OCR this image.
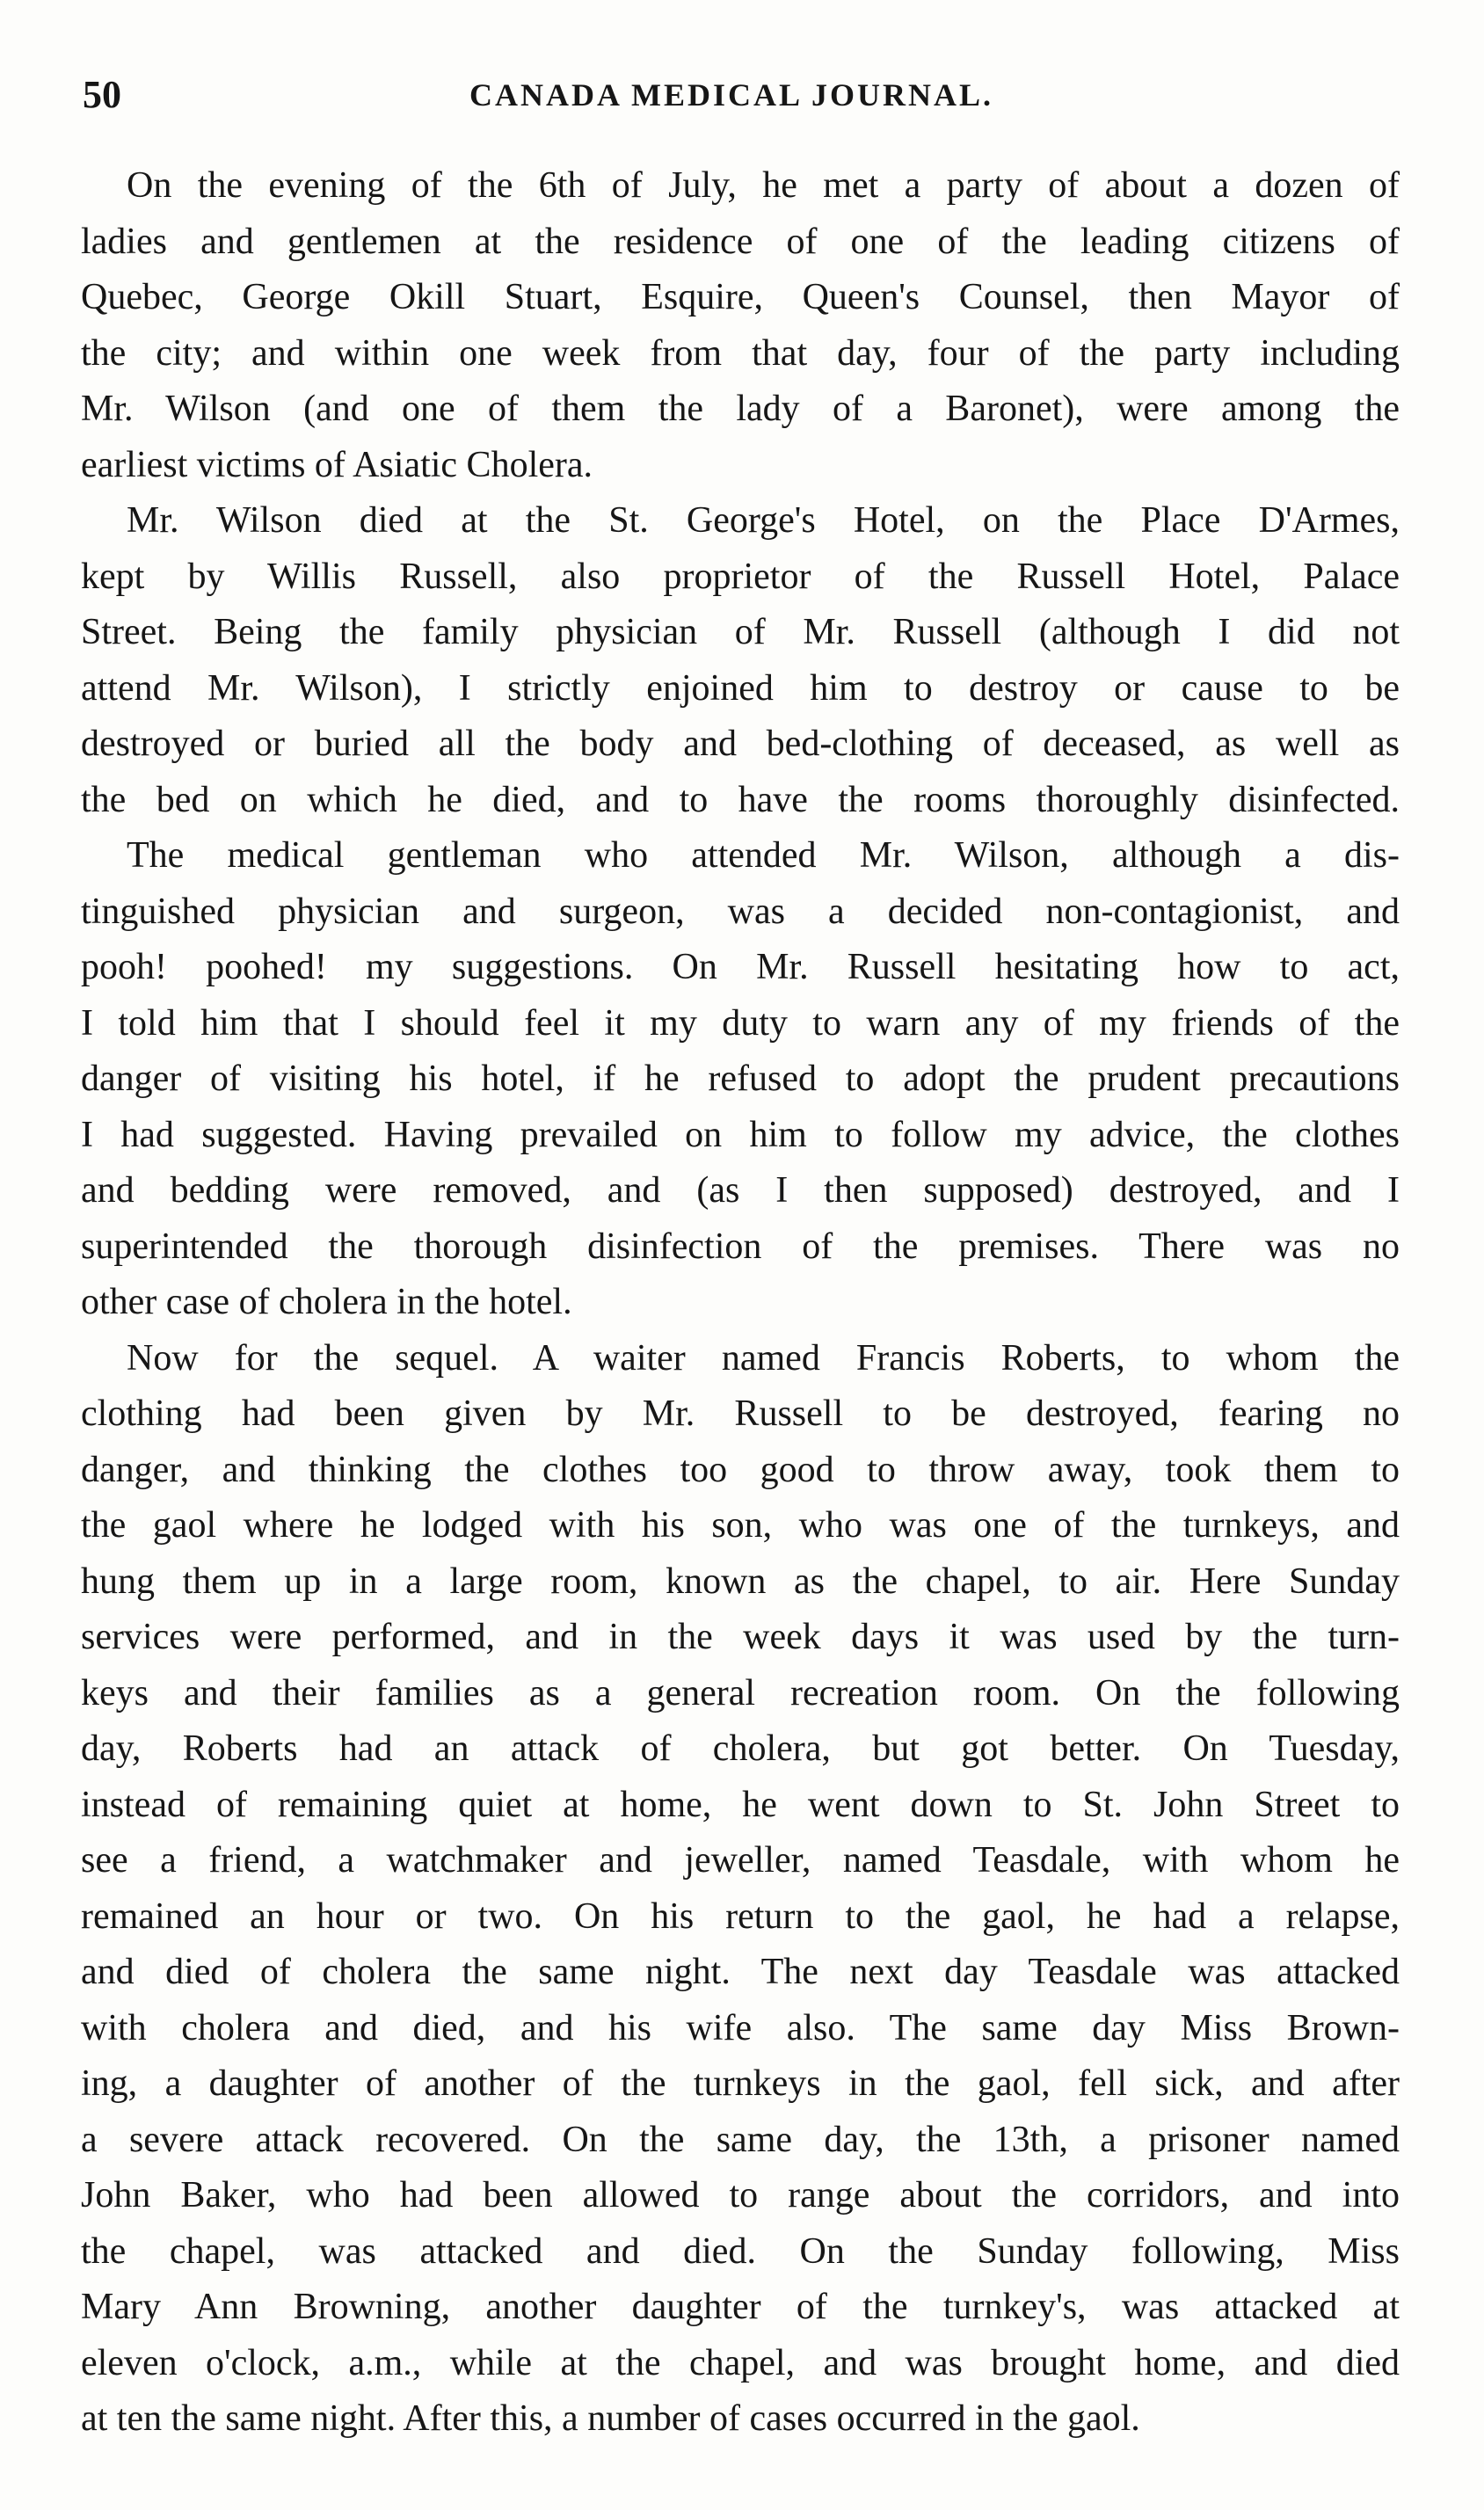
50	CANADA MEDICAL JOURNAL.
On the evening of the 6th of July, he met a party of about a dozen of
ladies and gentlemen at the residence of one of the leading citizens of
Quebec, George Okill Stuart, Esquire, Queen's Counsel, then Mayor of
the city; and within one week from that day, four of the party including
Mr. Wilson (and one of them the lady of a Baronet), were among the
earliest victims of Asiatic Cholera.
Mr. Wilson died at the St. George's Hotel, on the Place D'Armes,
kept by Willis Russell, also proprietor of the Russell Hotel, Palace
Street. Being the family physician of Mr. Russell (although I did not
attend Mr. Wilson), I strictly enjoined him to destroy or cause to be
destroyed or buried all the body and bed-clothing of deceased, as well as
the bed on which he died, and to have the rooms thoroughly disinfected.
The medical gentleman who attended Mr. Wilson, although a dis-
tinguished physician and surgeon, was a decided non-contagionist, and
pooh! poohed! my suggestions. On Mr. Russell hesitating how to act,
I told him that I should feel it my duty to warn any of my friends of the
danger of visiting his hotel, if he refused to adopt the prudent precautions
I had suggested. Having prevailed on him to follow my advice, the clothes
and bedding were removed, and (as I then supposed) destroyed, and I
superintended the thorough disinfection of the premises. There was no
other case of cholera in the hotel.
Now for the sequel. A waiter named Francis Roberts, to whom the
clothing had been given by Mr. Russell to be destroyed, fearing no
danger, and thinking the clothes too good to throw away, took them to
the gaol where he lodged with his son, who was one of the turnkeys, and
hung them up in a large room, known as the chapel, to air. Here Sunday
services were performed, and in the week days it was used by the turn-
keys and their families as a general recreation room. On the following
day, Roberts had an attack of cholera, but got better. On Tuesday,
instead of remaining quiet at home, he went down to St. John Street to
see a friend, a watchmaker and jeweller, named Teasdale, with whom he
remained an hour or two. On his return to the gaol, he had a relapse,
and died of cholera the same night. The next day Teasdale was attacked
with cholera and died, and his wife also. The same day Miss Brown-
ing, a daughter of another of the turnkeys in the gaol, fell sick, and after
a severe attack recovered. On the same day, the 13th, a prisoner named
John Baker, who had been allowed to range about the corridors, and into
the chapel, was attacked and died. On the Sunday following, Miss
Mary Ann Browning, another daughter of the turnkey's, was attacked at
eleven o'clock, a.m., while at the chapel, and was brought home, and died
at ten the same night. After this, a number of cases occurred in the gaol.
